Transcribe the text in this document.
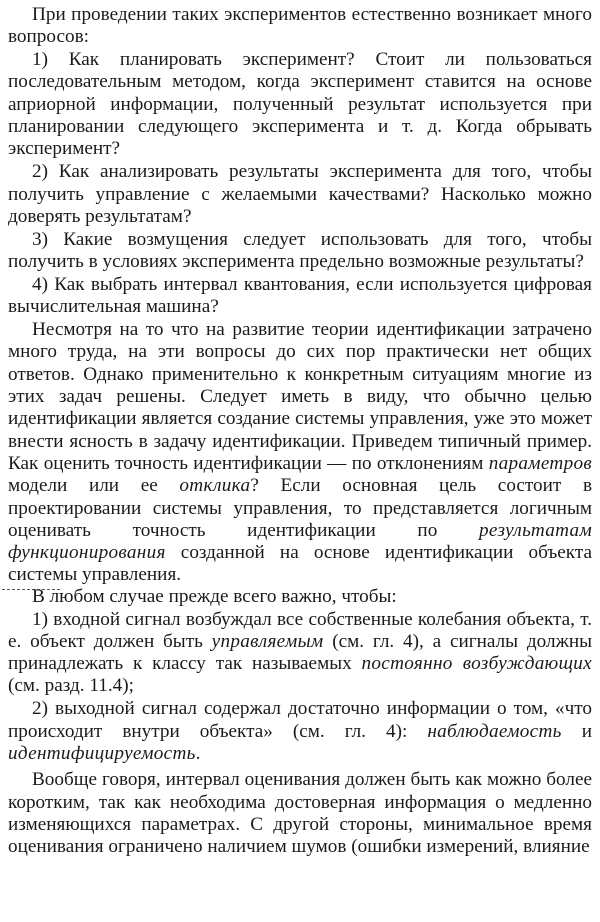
При проведении таких экспериментов естественно возникает много вопросов:

1) Как планировать эксперимент? Стоит ли пользоваться последовательным методом, когда эксперимент ставится на основе априорной информации, полученный результат используется при планировании следующего эксперимента и т. д. Когда обрывать эксперимент?

2) Как анализировать результаты эксперимента для того, чтобы получить управление с желаемыми качествами? Насколько можно доверять результатам?

3) Какие возмущения следует использовать для того, чтобы получить в условиях эксперимента предельно возможные результаты?

4) Как выбрать интервал квантования, если используется цифровая вычислительная машина?

Несмотря на то что на развитие теории идентификации затрачено много труда, на эти вопросы до сих пор практически нет общих ответов. Однако применительно к конкретным ситуациям многие из этих задач решены. Следует иметь в виду, что обычно целью идентификации является создание системы управления, уже это может внести ясность в задачу идентификации. Приведем типичный пример. Как оценить точность идентификации — по отклонениям параметров модели или ее отклика? Если основная цель состоит в проектировании системы управления, то представляется логичным оценивать точность идентификации по результатам функционирования созданной на основе идентификации объекта системы управления.

В любом случае прежде всего важно, чтобы:

1) входной сигнал возбуждал все собственные колебания объекта, т. е. объект должен быть управляемым (см. гл. 4), а сигналы должны принадлежать к классу так называемых постоянно возбуждающих (см. разд. 11.4);

2) выходной сигнал содержал достаточно информации о том, «что происходит внутри объекта» (см. гл. 4): наблюдаемость и идентифицируемость.

Вообще говоря, интервал оценивания должен быть как можно более коротким, так как необходима достоверная информация о медленно изменяющихся параметрах. С другой стороны, минимальное время оценивания ограничено наличием шумов (ошибки измерений, влияние
